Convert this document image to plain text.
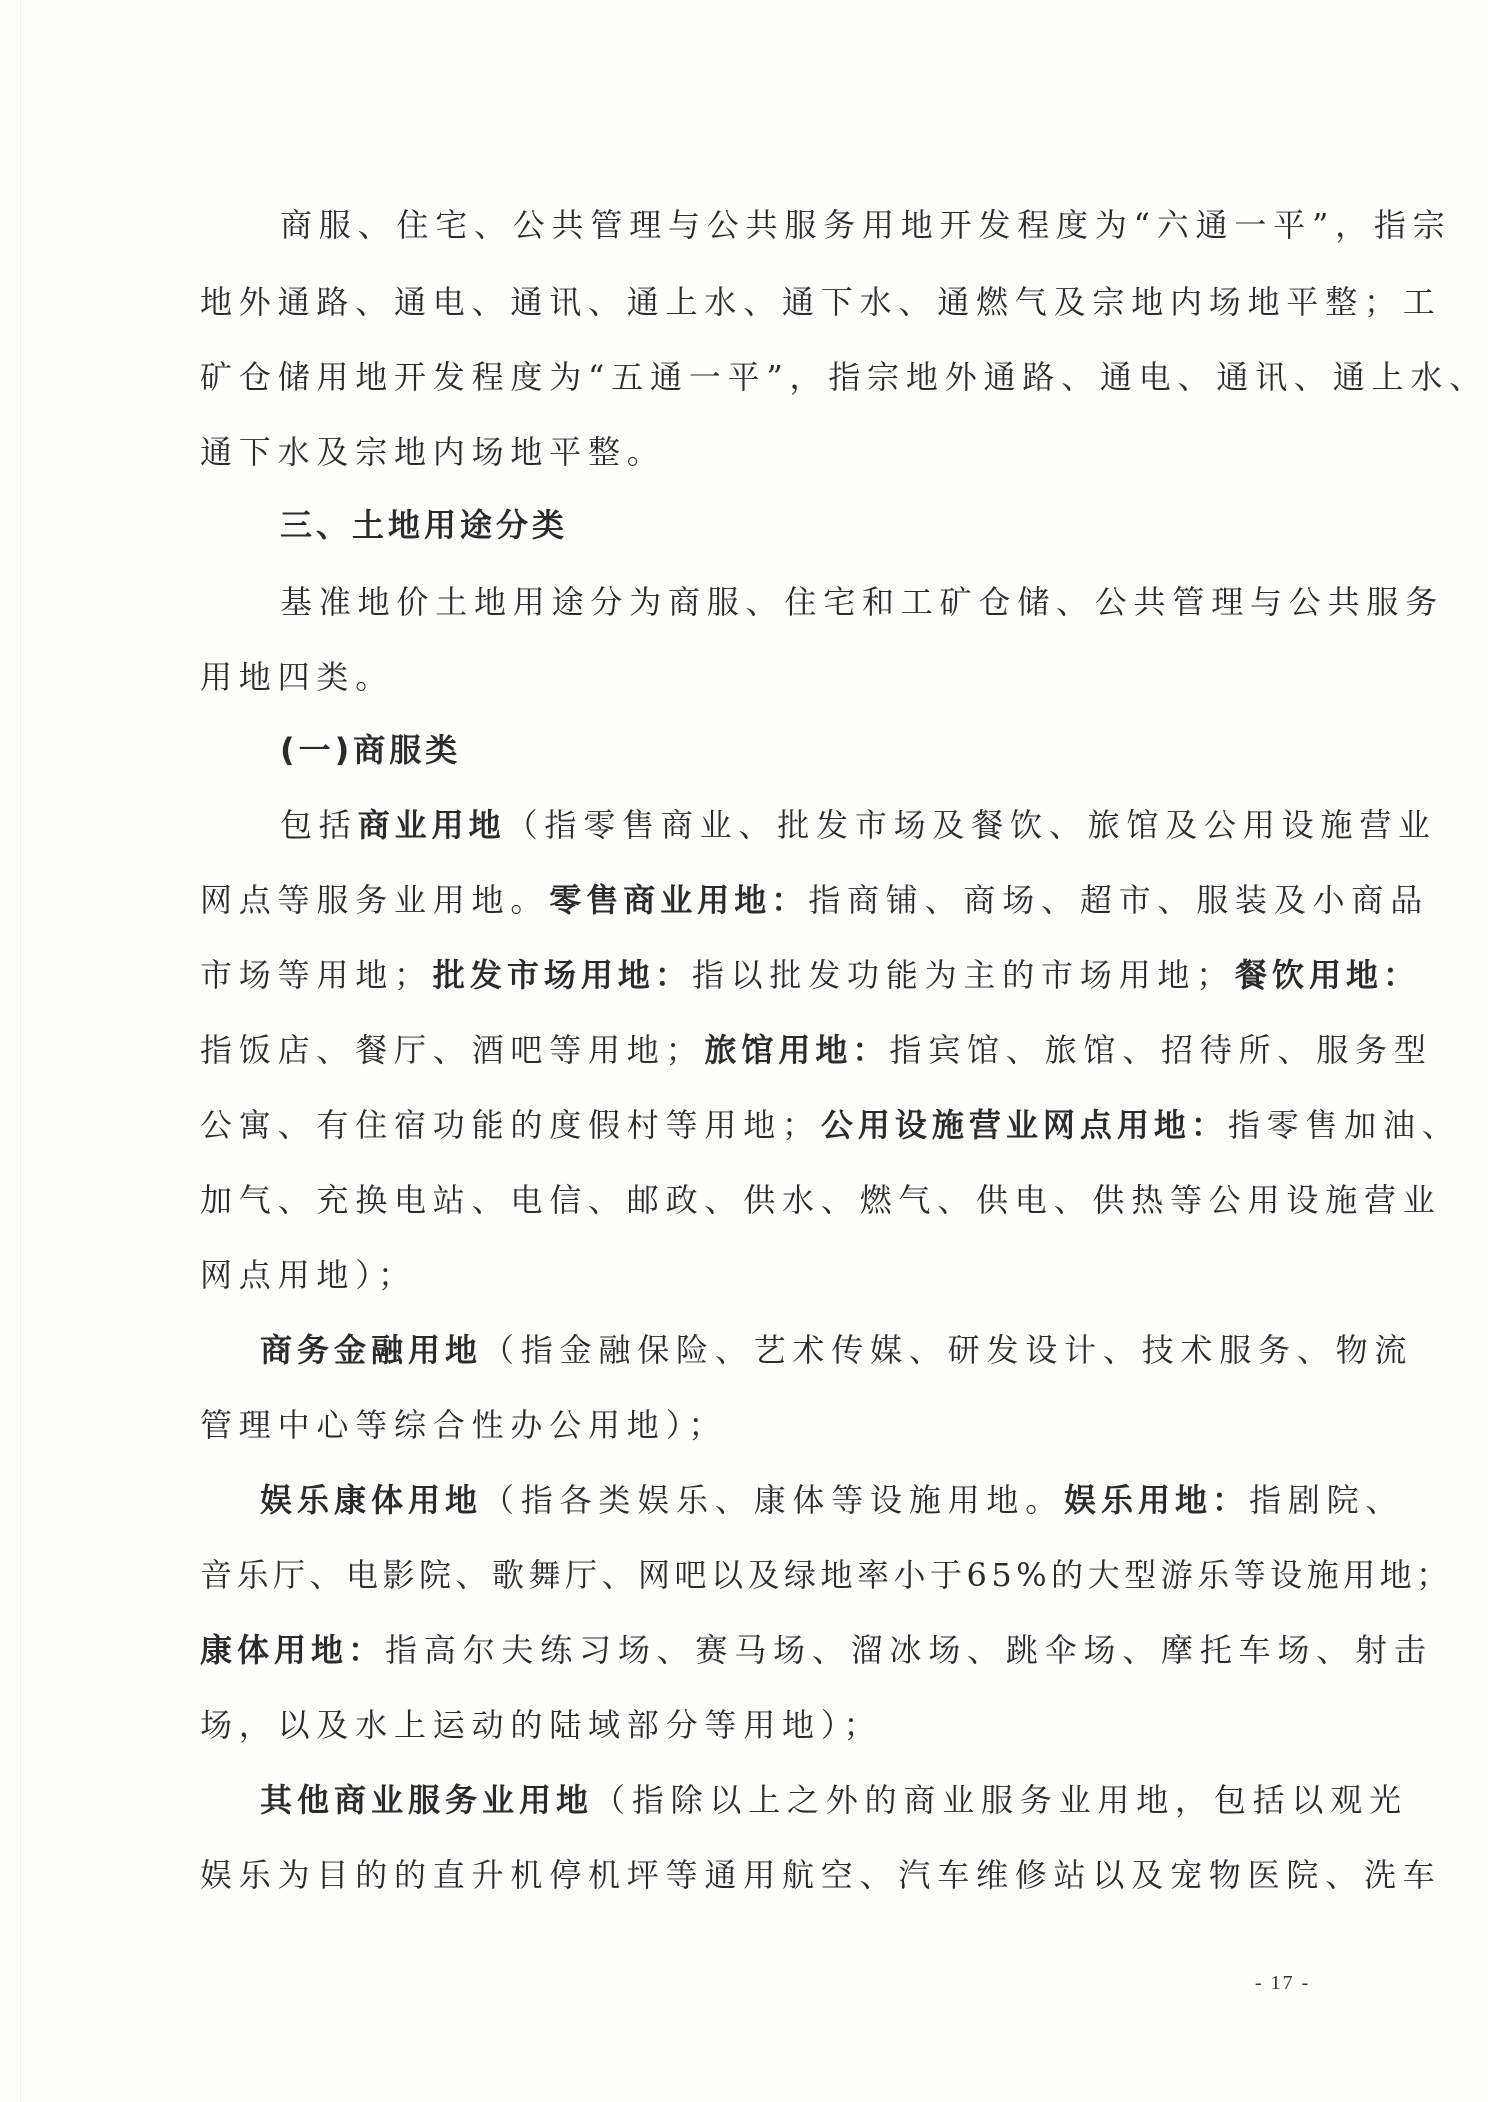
商服、住宅、公共管理与公共服务用地开发程度为“六通一平”，指宗
地外通路、通电、通讯、通上水、通下水、通燃气及宗地内场地平整；工
矿仓储用地开发程度为“五通一平”，指宗地外通路、通电、通讯、通上水、
通下水及宗地内场地平整。
三、土地用途分类
基准地价土地用途分为商服、住宅和工矿仓储、公共管理与公共服务
用地四类。
(一)商服类
包括商业用地（指零售商业、批发市场及餐饮、旅馆及公用设施营业
网点等服务业用地。零售商业用地：指商铺、商场、超市、服装及小商品
市场等用地；批发市场用地：指以批发功能为主的市场用地；餐饮用地：
指饭店、餐厅、酒吧等用地；旅馆用地：指宾馆、旅馆、招待所、服务型
公寓、有住宿功能的度假村等用地；公用设施营业网点用地：指零售加油、
加气、充换电站、电信、邮政、供水、燃气、供电、供热等公用设施营业
网点用地）；
商务金融用地（指金融保险、艺术传媒、研发设计、技术服务、物流
管理中心等综合性办公用地）；
娱乐康体用地（指各类娱乐、康体等设施用地。娱乐用地：指剧院、
音乐厅、电影院、歌舞厅、网吧以及绿地率小于65%的大型游乐等设施用地；
康体用地：指高尔夫练习场、赛马场、溜冰场、跳伞场、摩托车场、射击
场，以及水上运动的陆域部分等用地）；
其他商业服务业用地（指除以上之外的商业服务业用地，包括以观光
娱乐为目的的直升机停机坪等通用航空、汽车维修站以及宠物医院、洗车
- 17 -
